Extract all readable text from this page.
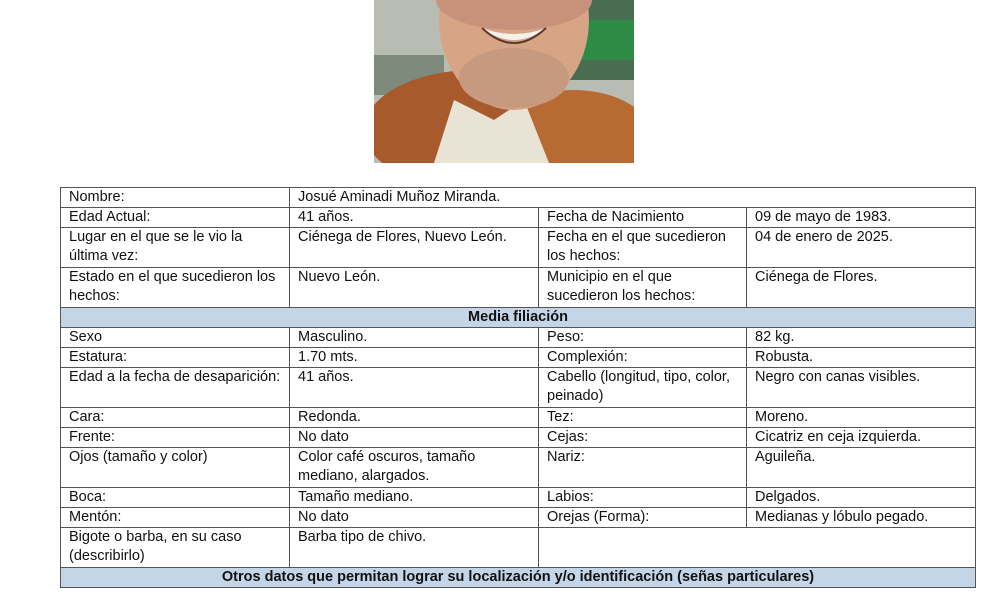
Nombre:	Josué Aminadi Muñoz Miranda.		
Edad Actual:	41 años.	Fecha de Nacimiento	09 de mayo de 1983.
Lugar en el que se le vio la última vez:	Ciénega de Flores, Nuevo León.	Fecha en el que sucedieron los hechos:	04 de enero de 2025.
Estado en el que sucedieron los hechos:	Nuevo León.	Municipio en el que sucedieron los hechos:	Ciénega de Flores.
Media filiación			
Sexo	Masculino.	Peso:	82 kg.
Estatura:	1.70 mts.	Complexión:	Robusta.
Edad a la fecha de desaparición:	41 años.	Cabello (longitud, tipo, color, peinado)	Negro con canas visibles.
Cara:	Redonda.	Tez:	Moreno.
Frente:	No dato	Cejas:	Cicatriz en ceja izquierda.
Ojos (tamaño y color)	Color café oscuros, tamaño mediano, alargados.	Nariz:	Aguileña.
Boca:	Tamaño mediano.	Labios:	Delgados.
Mentón:	No dato	Orejas (Forma):	Medianas y lóbulo pegado.
Bigote o barba, en su caso (describirlo)	Barba tipo de chivo.		
Otros datos que permitan lograr su localización y/o identificación (señas particulares)			
